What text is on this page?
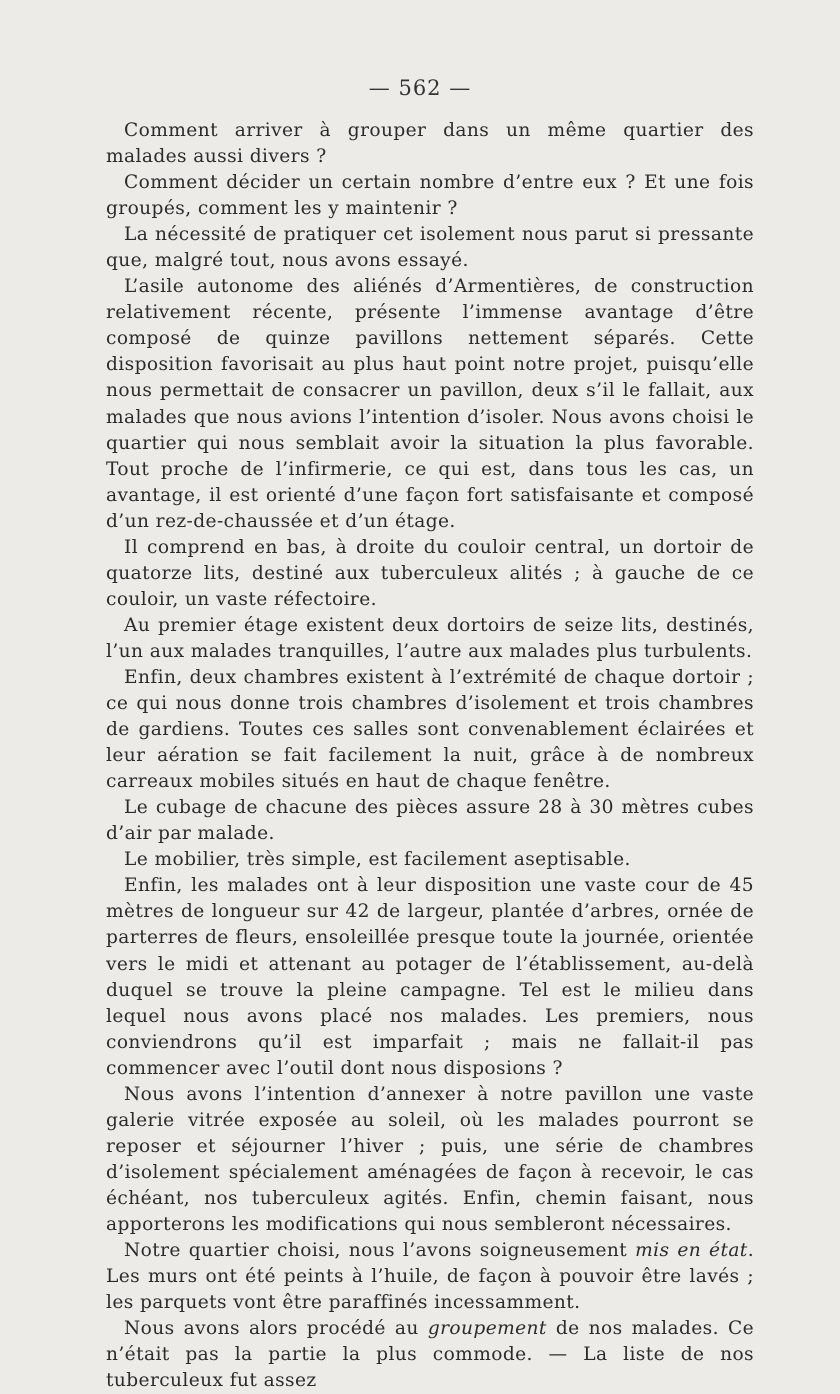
— 562 —

Comment arriver à grouper dans un même quartier des malades aussi divers ?

Comment décider un certain nombre d’entre eux ? Et une fois groupés, comment les y maintenir ?

La nécessité de pratiquer cet isolement nous parut si pressante que, malgré tout, nous avons essayé.

L’asile autonome des aliénés d’Armentières, de construction relativement récente, présente l’immense avantage d’être composé de quinze pavillons nettement séparés. Cette disposition favorisait au plus haut point notre projet, puisqu’elle nous permettait de consacrer un pavillon, deux s’il le fallait, aux malades que nous avions l’intention d’isoler. Nous avons choisi le quartier qui nous semblait avoir la situation la plus favorable. Tout proche de l’infirmerie, ce qui est, dans tous les cas, un avantage, il est orienté d’une façon fort satisfaisante et composé d’un rez-de-chaussée et d’un étage.

Il comprend en bas, à droite du couloir central, un dortoir de quatorze lits, destiné aux tuberculeux alités ; à gauche de ce couloir, un vaste réfectoire.

Au premier étage existent deux dortoirs de seize lits, destinés, l’un aux malades tranquilles, l’autre aux malades plus turbulents.

Enfin, deux chambres existent à l’extrémité de chaque dortoir ; ce qui nous donne trois chambres d’isolement et trois chambres de gardiens. Toutes ces salles sont convenablement éclairées et leur aération se fait facilement la nuit, grâce à de nombreux carreaux mobiles situés en haut de chaque fenêtre.

Le cubage de chacune des pièces assure 28 à 30 mètres cubes d’air par malade.

Le mobilier, très simple, est facilement aseptisable.

Enfin, les malades ont à leur disposition une vaste cour de 45 mètres de longueur sur 42 de largeur, plantée d’arbres, ornée de parterres de fleurs, ensoleillée presque toute la journée, orientée vers le midi et attenant au potager de l’établissement, au-delà duquel se trouve la pleine campagne. Tel est le milieu dans lequel nous avons placé nos malades. Les premiers, nous conviendrons qu’il est imparfait ; mais ne fallait-il pas commencer avec l’outil dont nous disposions ?

Nous avons l’intention d’annexer à notre pavillon une vaste galerie vitrée exposée au soleil, où les malades pourront se reposer et séjourner l’hiver ; puis, une série de chambres d’isolement spécialement aménagées de façon à recevoir, le cas échéant, nos tuberculeux agités. Enfin, chemin faisant, nous apporterons les modifications qui nous sembleront nécessaires.

Notre quartier choisi, nous l’avons soigneusement mis en état. Les murs ont été peints à l’huile, de façon à pouvoir être lavés ; les parquets vont être paraffinés incessamment.

Nous avons alors procédé au groupement de nos malades. Ce n’était pas la partie la plus commode. — La liste de nos tuberculeux fut assez
